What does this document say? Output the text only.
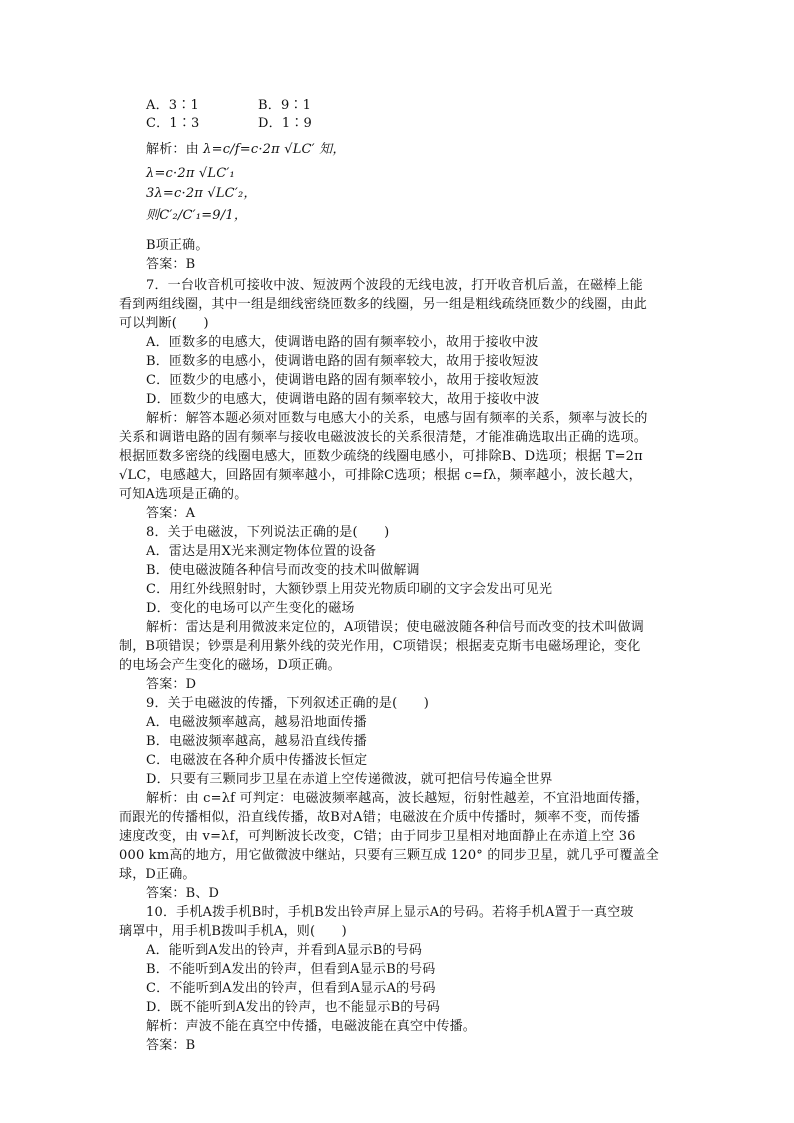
A．3∶1	B．9∶1
C．1∶3	D．1∶9
解析：由 λ=c/f=c·2π √LC′ 知，
λ=c·2π √LC′₁
3λ=c·2π √LC′₂，
则C′₂/C′₁=9/1，
B项正确。
答案：B
7．一台收音机可接收中波、短波两个波段的无线电波，打开收音机后盖，在磁棒上能
看到两组线圈，其中一组是细线密绕匝数多的线圈，另一组是粗线疏绕匝数少的线圈，由此
可以判断(　　)
A．匝数多的电感大，使调谐电路的固有频率较小，故用于接收中波
B．匝数多的电感小，使调谐电路的固有频率较大，故用于接收短波
C．匝数少的电感小，使调谐电路的固有频率较小，故用于接收短波
D．匝数少的电感大，使调谐电路的固有频率较大，故用于接收中波
解析：解答本题必须对匝数与电感大小的关系，电感与固有频率的关系，频率与波长的
关系和调谐电路的固有频率与接收电磁波波长的关系很清楚，才能准确选取出正确的选项。
根据匝数多密绕的线圈电感大，匝数少疏绕的线圈电感小，可排除B、D选项；根据 T=2π
√LC，电感越大，回路固有频率越小，可排除C选项；根据 c=fλ，频率越小，波长越大，
可知A选项是正确的。
答案：A
8．关于电磁波，下列说法正确的是(　　)
A．雷达是用X光来测定物体位置的设备
B．使电磁波随各种信号而改变的技术叫做解调
C．用红外线照射时，大额钞票上用荧光物质印刷的文字会发出可见光
D．变化的电场可以产生变化的磁场
解析：雷达是利用微波来定位的，A项错误；使电磁波随各种信号而改变的技术叫做调
制，B项错误；钞票是利用紫外线的荧光作用，C项错误；根据麦克斯韦电磁场理论，变化
的电场会产生变化的磁场，D项正确。
答案：D
9．关于电磁波的传播，下列叙述正确的是(　　)
A．电磁波频率越高，越易沿地面传播
B．电磁波频率越高，越易沿直线传播
C．电磁波在各种介质中传播波长恒定
D．只要有三颗同步卫星在赤道上空传递微波，就可把信号传遍全世界
解析：由 c=λf 可判定：电磁波频率越高，波长越短，衍射性越差，不宜沿地面传播，
而跟光的传播相似，沿直线传播，故B对A错；电磁波在介质中传播时，频率不变，而传播
速度改变，由 v=λf，可判断波长改变，C错；由于同步卫星相对地面静止在赤道上空 36
000 km高的地方，用它做微波中继站，只要有三颗互成 120° 的同步卫星，就几乎可覆盖全
球，D正确。
答案：B、D
10．手机A拨手机B时，手机B发出铃声屏上显示A的号码。若将手机A置于一真空玻
璃罩中，用手机B拨叫手机A，则(　　)
A．能听到A发出的铃声，并看到A显示B的号码
B．不能听到A发出的铃声，但看到A显示B的号码
C．不能听到A发出的铃声，但看到A显示A的号码
D．既不能听到A发出的铃声，也不能显示B的号码
解析：声波不能在真空中传播，电磁波能在真空中传播。
答案：B
